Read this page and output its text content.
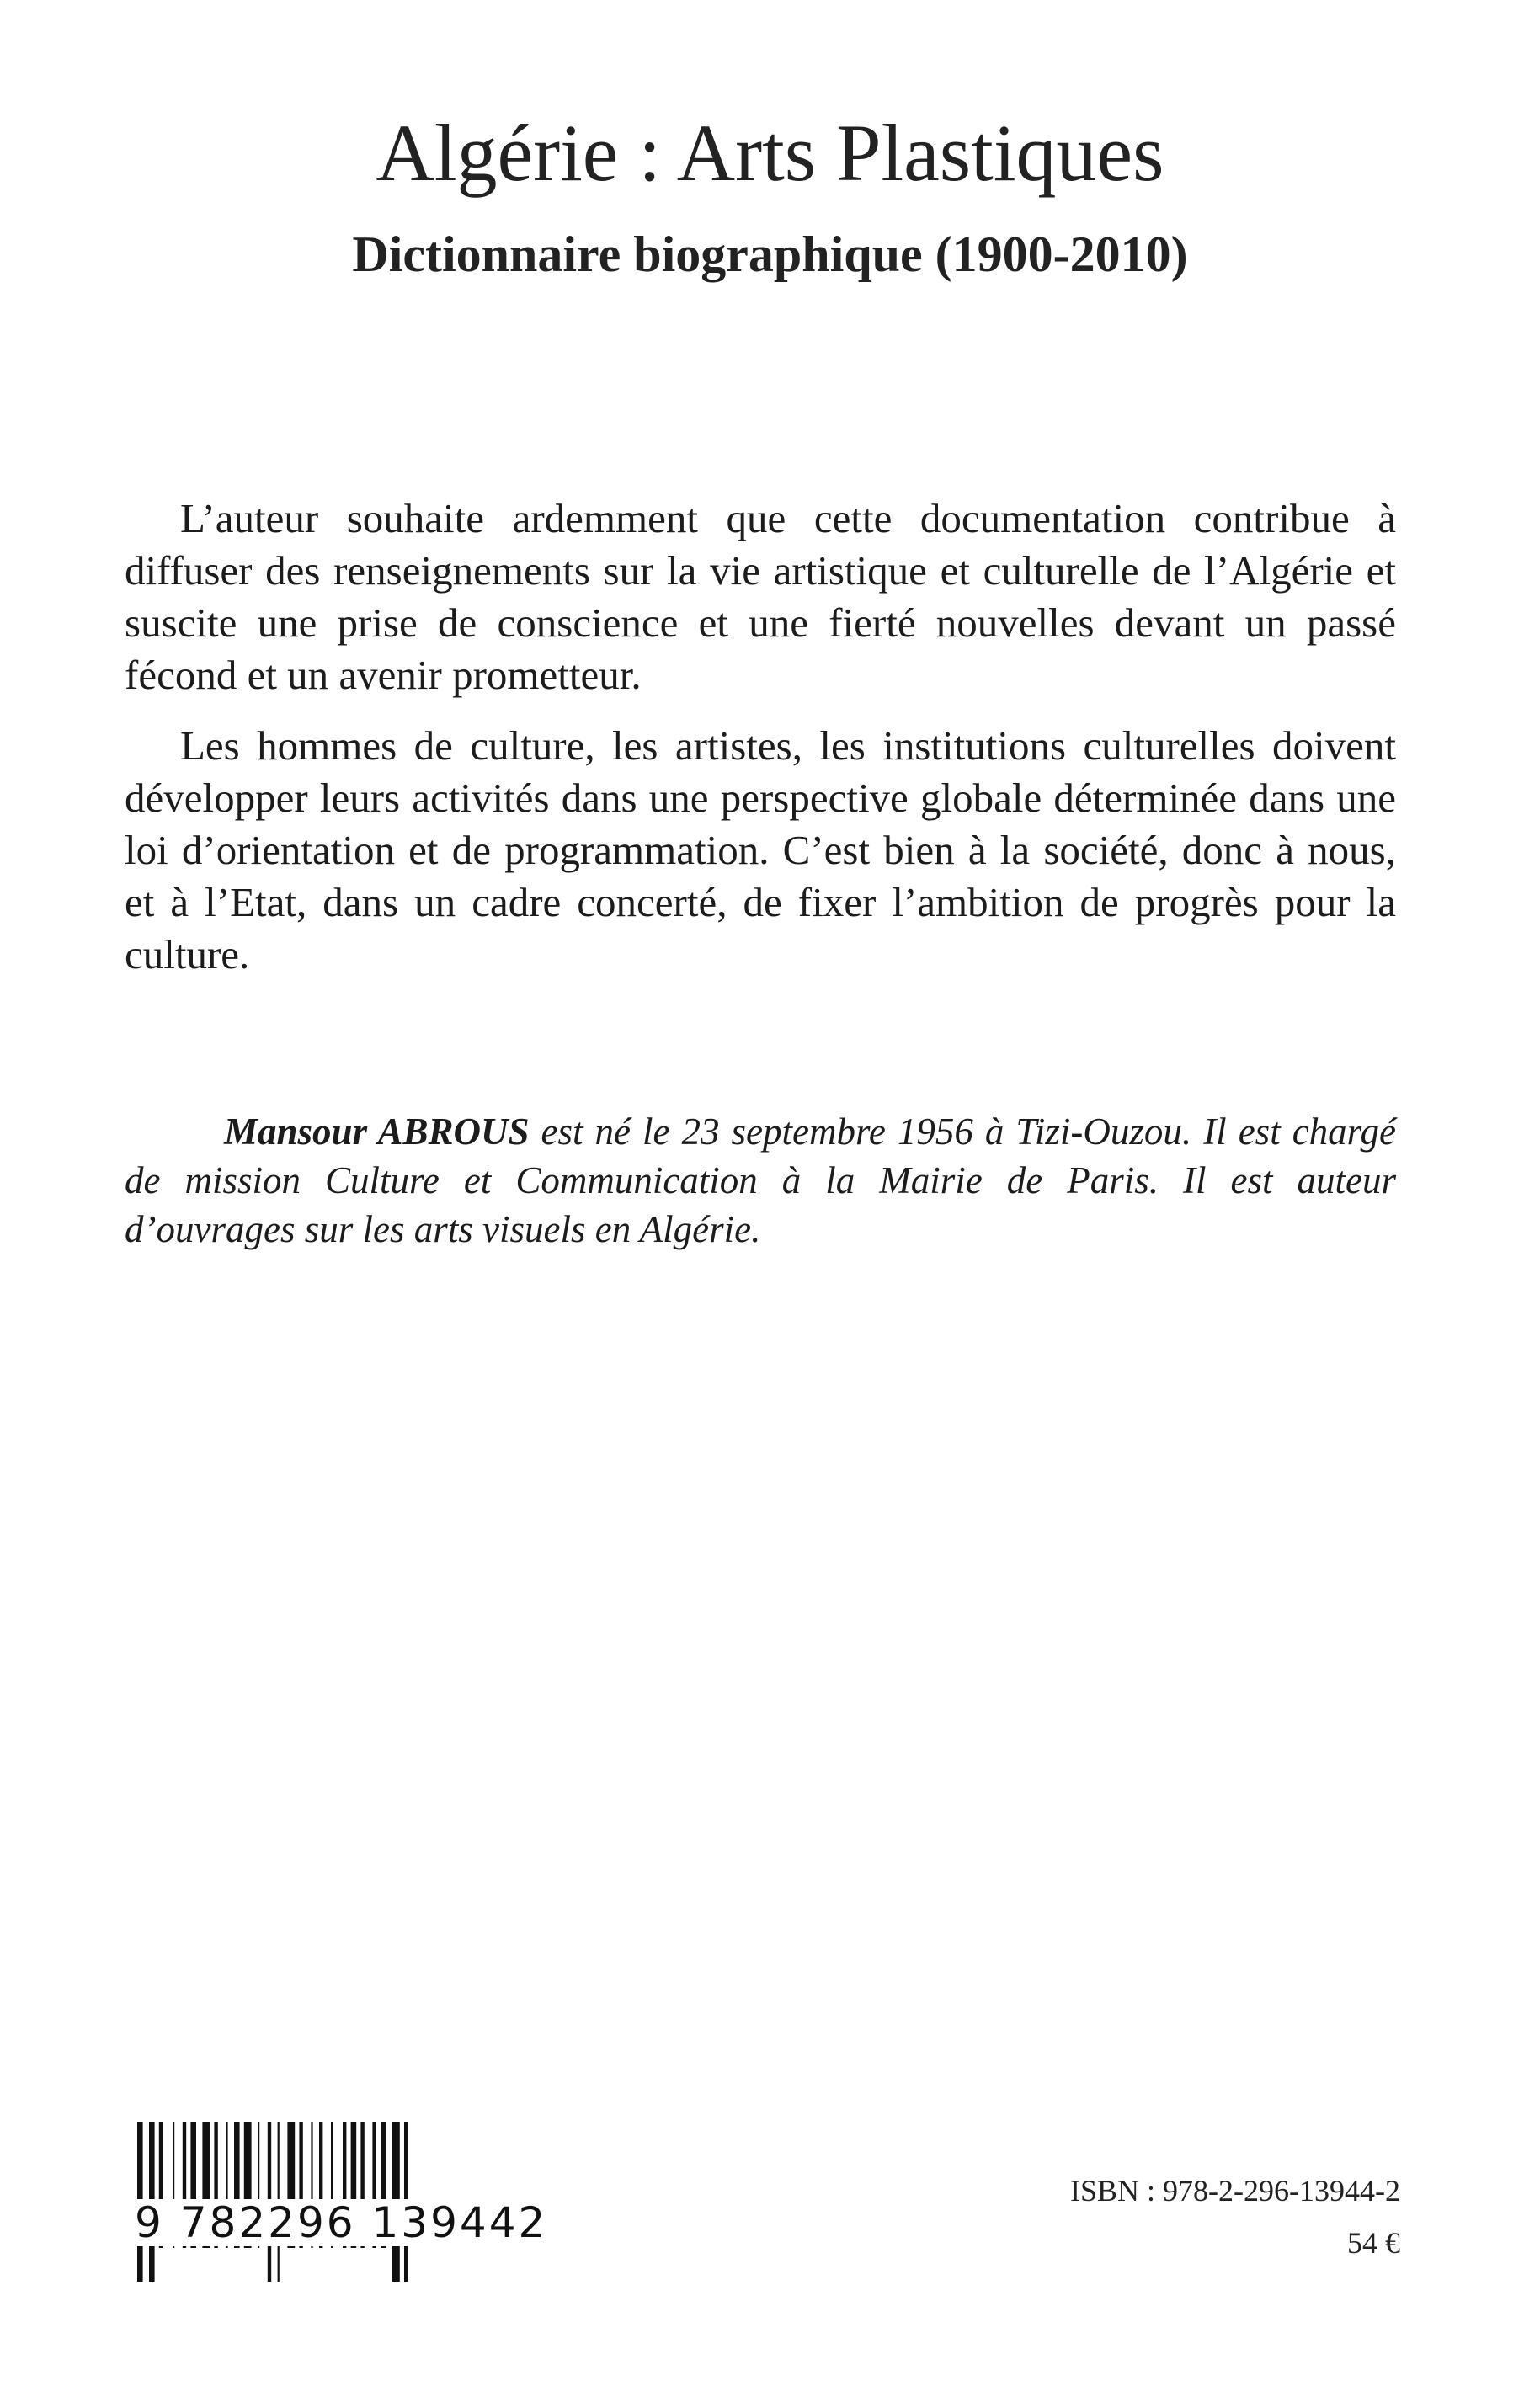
Algérie : Arts Plastiques
Dictionnaire biographique (1900-2010)

L’auteur souhaite ardemment que cette documentation contribue à diffuser des renseignements sur la vie artistique et culturelle de l’Algérie et suscite une prise de conscience et une fierté nouvelles devant un passé fécond et un avenir prometteur.

Les hommes de culture, les artistes, les institutions culturelles doivent développer leurs activités dans une perspective globale déterminée dans une loi d’orientation et de programmation. C’est bien à la société, donc à nous, et à l’Etat, dans un cadre concerté, de fixer l’ambition de progrès pour la culture.

Mansour ABROUS est né le 23 septembre 1956 à Tizi-Ouzou. Il est chargé de mission Culture et Communication à la Mairie de Paris. Il est auteur d’ouvrages sur les arts visuels en Algérie.

9 782296 139442
ISBN : 978-2-296-13944-2
54 €
